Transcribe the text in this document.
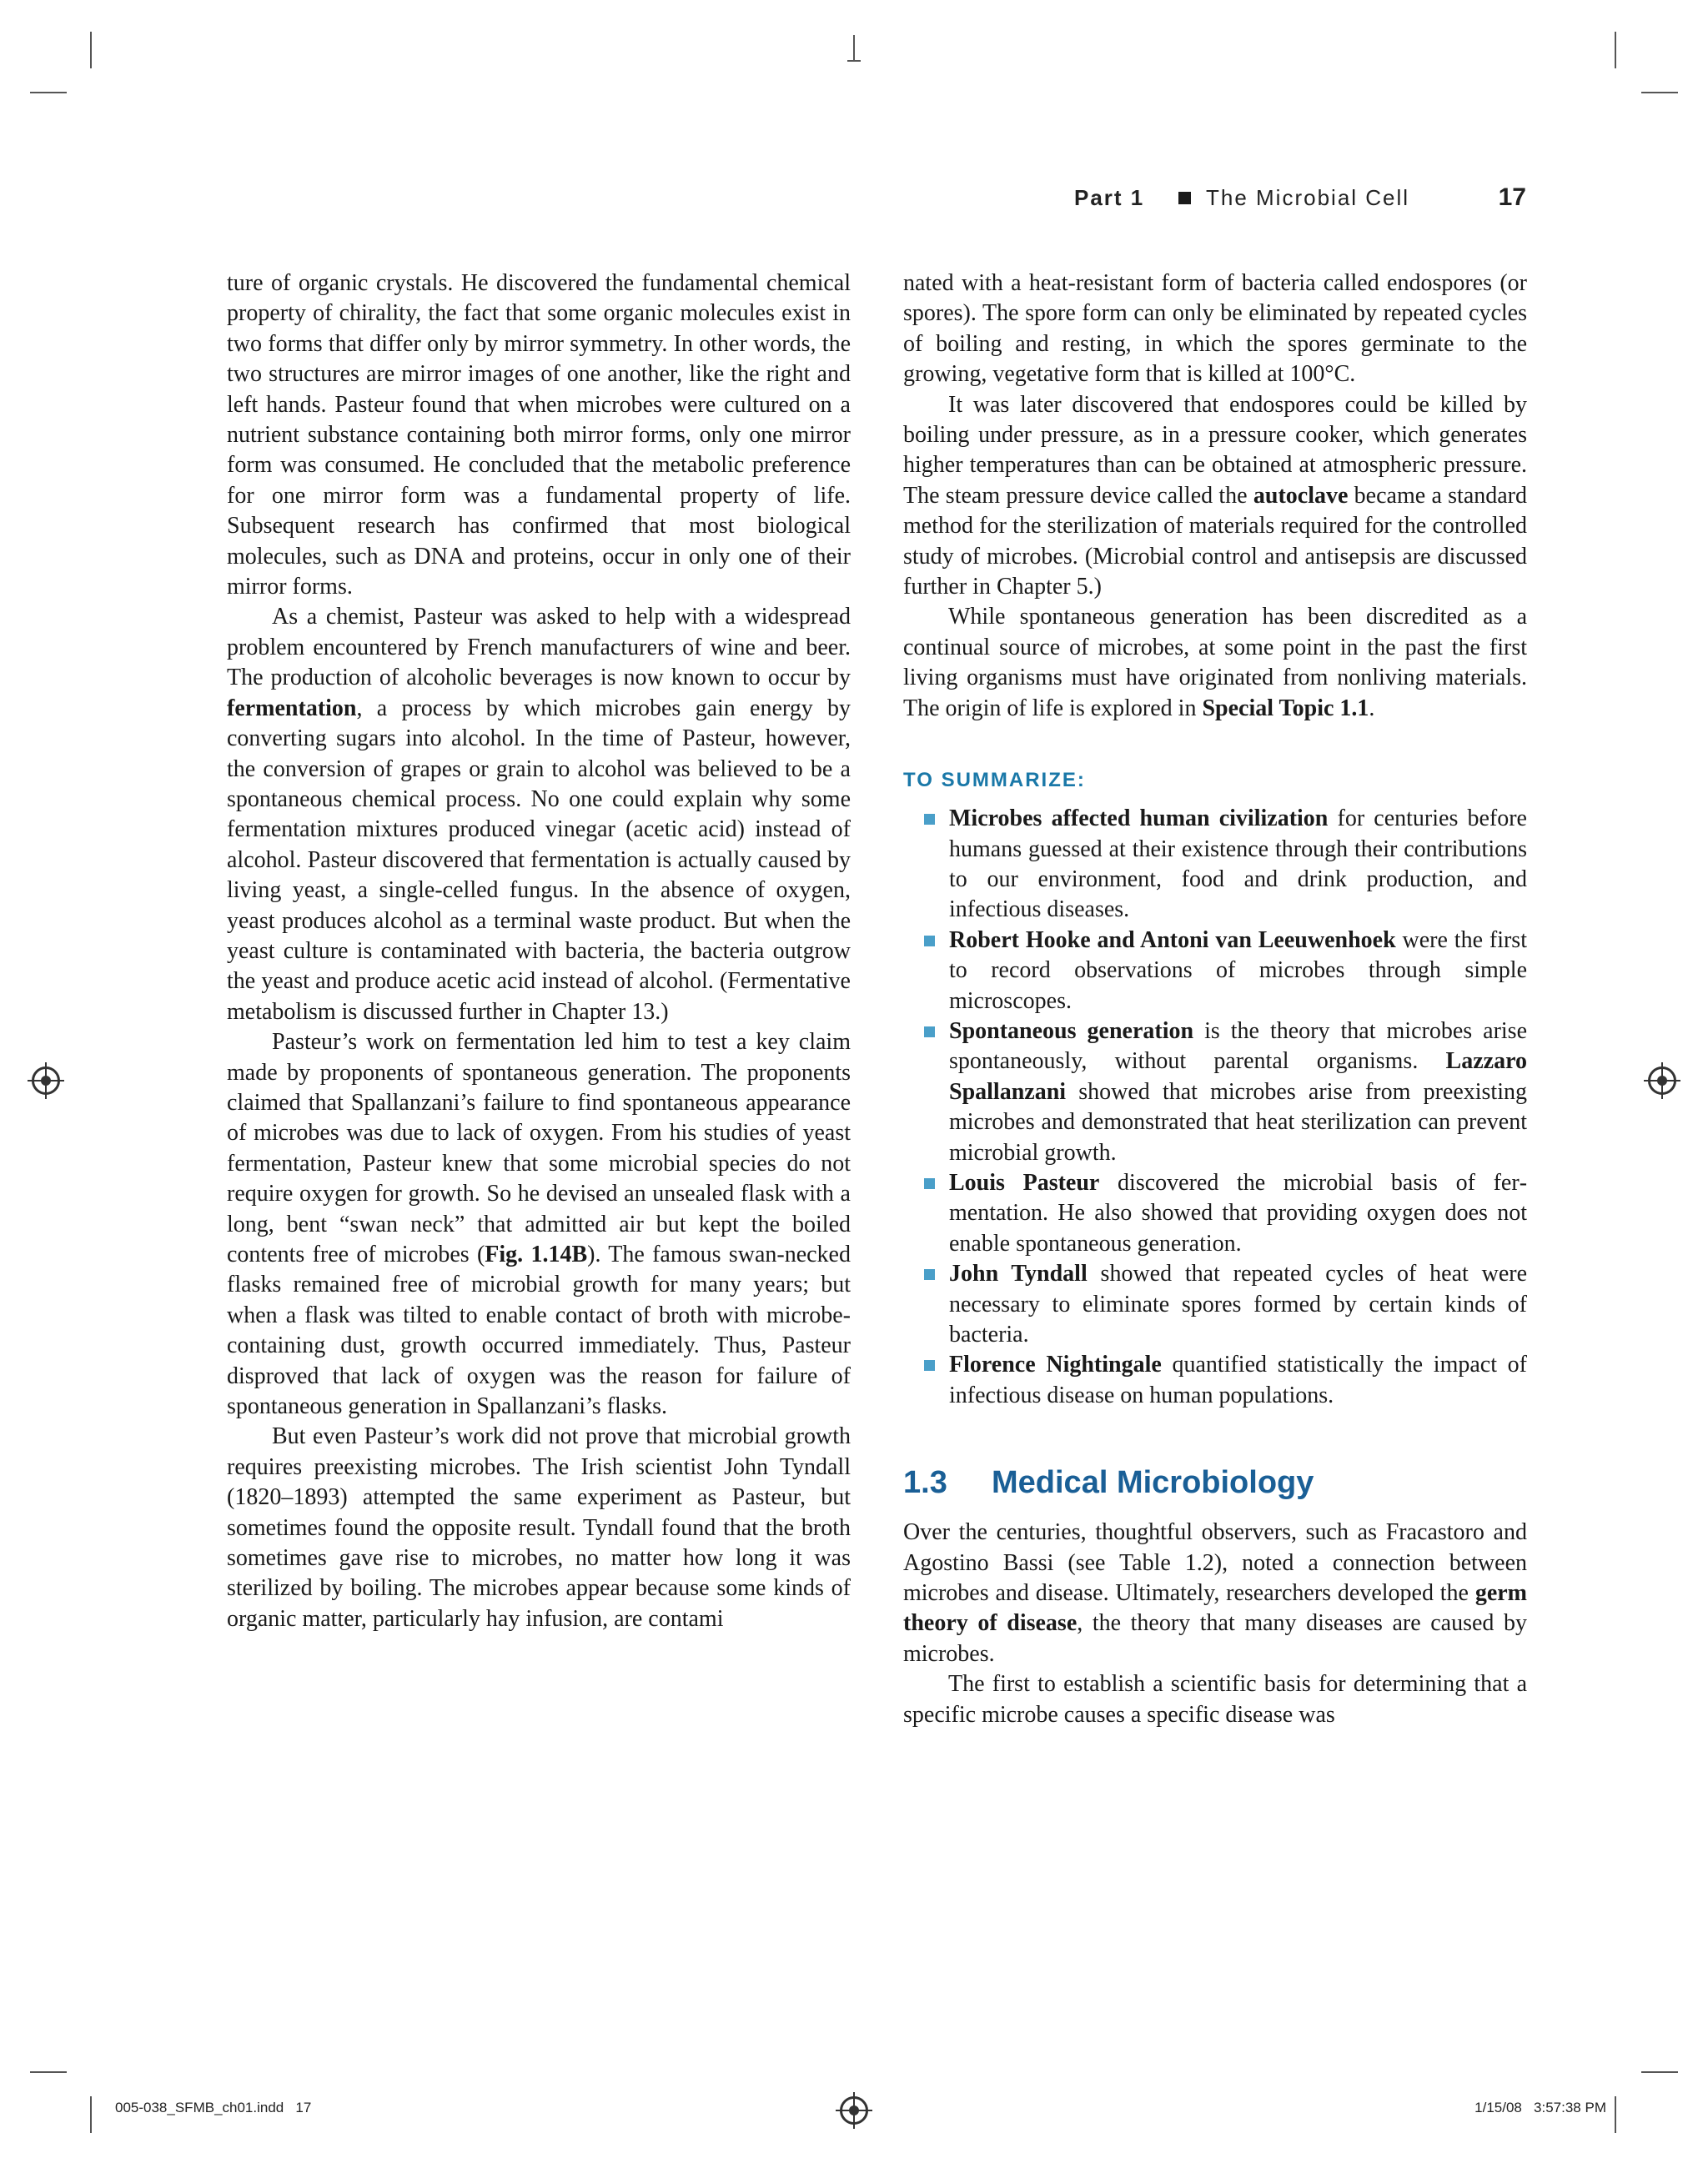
Part 1	The Microbial Cell	17

ture of organic crystals. He discovered the fundamental chemical property of chirality, the fact that some organic molecules exist in two forms that differ only by mirror symmetry. In other words, the two structures are mirror images of one another, like the right and left hands. Pasteur found that when microbes were cultured on a nutrient substance containing both mirror forms, only one mirror form was consumed. He concluded that the metabolic preference for one mirror form was a fundamental property of life. Subsequent research has confirmed that most biological molecules, such as DNA and proteins, occur in only one of their mirror forms.

As a chemist, Pasteur was asked to help with a widespread problem encountered by French manufacturers of wine and beer. The production of alcoholic beverages is now known to occur by fermentation, a process by which microbes gain energy by converting sugars into alcohol. In the time of Pasteur, however, the conversion of grapes or grain to alcohol was believed to be a spontaneous chemical process. No one could explain why some fermentation mixtures produced vinegar (acetic acid) instead of alcohol. Pasteur discovered that fermentation is actually caused by living yeast, a single-celled fungus. In the absence of oxygen, yeast produces alcohol as a terminal waste product. But when the yeast culture is contaminated with bacteria, the bacteria outgrow the yeast and produce acetic acid instead of alcohol. (Fermentative metabolism is discussed further in Chapter 13.)

Pasteur’s work on fermentation led him to test a key claim made by proponents of spontaneous generation. The proponents claimed that Spallanzani’s failure to find spontaneous appearance of microbes was due to lack of oxygen. From his studies of yeast fermentation, Pasteur knew that some microbial species do not require oxygen for growth. So he devised an unsealed flask with a long, bent “swan neck” that admitted air but kept the boiled contents free of microbes (Fig. 1.14B). The famous swan-necked flasks remained free of microbial growth for many years; but when a flask was tilted to enable contact of broth with microbe-containing dust, growth occurred immediately. Thus, Pasteur disproved that lack of oxygen was the reason for failure of spontaneous generation in Spallanzani’s flasks.

But even Pasteur’s work did not prove that microbial growth requires preexisting microbes. The Irish scientist John Tyndall (1820–1893) attempted the same experiment as Pasteur, but sometimes found the opposite result. Tyndall found that the broth sometimes gave rise to microbes, no matter how long it was sterilized by boiling. The microbes appear because some kinds of organic matter, particularly hay infusion, are contami

nated with a heat-resistant form of bacteria called endospores (or spores). The spore form can only be eliminated by repeated cycles of boiling and resting, in which the spores germinate to the growing, vegetative form that is killed at 100°C.

It was later discovered that endospores could be killed by boiling under pressure, as in a pressure cooker, which generates higher temperatures than can be obtained at atmospheric pressure. The steam pressure device called the autoclave became a standard method for the sterilization of materials required for the controlled study of microbes. (Microbial control and antisepsis are discussed further in Chapter 5.)

While spontaneous generation has been discredited as a continual source of microbes, at some point in the past the first living organisms must have originated from nonliving materials. The origin of life is explored in Special Topic 1.1.

TO SUMMARIZE:
Microbes affected human civilization for centuries before humans guessed at their existence through their contributions to our environment, food and drink production, and infectious diseases.
Robert Hooke and Antoni van Leeuwenhoek were the first to record observations of microbes through simple microscopes.
Spontaneous generation is the theory that microbes arise spontaneously, without parental organisms. Lazzaro Spallanzani showed that microbes arise from preexisting microbes and demonstrated that heat sterilization can prevent microbial growth.
Louis Pasteur discovered the microbial basis of fermentation. He also showed that providing oxygen does not enable spontaneous generation.
John Tyndall showed that repeated cycles of heat were necessary to eliminate spores formed by certain kinds of bacteria.
Florence Nightingale quantified statistically the impact of infectious disease on human populations.
1.3 Medical Microbiology

Over the centuries, thoughtful observers, such as Fracastoro and Agostino Bassi (see Table 1.2), noted a connection between microbes and disease. Ultimately, researchers developed the germ theory of disease, the theory that many diseases are caused by microbes.

The first to establish a scientific basis for determining that a specific microbe causes a specific disease was

005-038_SFMB_ch01.indd   17	1/15/08   3:57:38 PM
